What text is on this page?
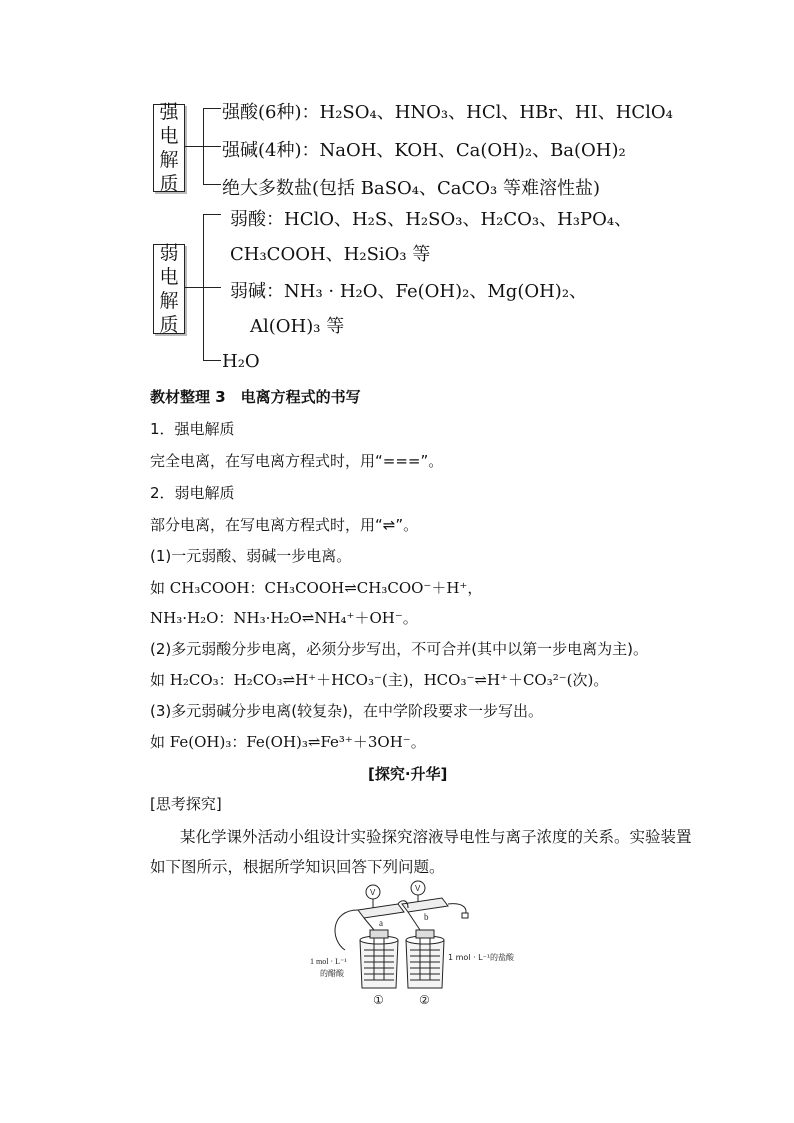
强
电
解
质
强酸(6种)：H₂SO₄、HNO₃、HCl、HBr、HI、HClO₄
强碱(4种)：NaOH、KOH、Ca(OH)₂、Ba(OH)₂
绝大多数盐(包括 BaSO₄、CaCO₃ 等难溶性盐)
弱
电
解
质
弱酸：HClO、H₂S、H₂SO₃、H₂CO₃、H₃PO₄、
CH₃COOH、H₂SiO₃ 等
弱碱：NH₃ · H₂O、Fe(OH)₂、Mg(OH)₂、
Al(OH)₃ 等
H₂O
教材整理 3　电离方程式的书写
1．强电解质
完全电离，在写电离方程式时，用“===”。
2．弱电解质
部分电离，在写电离方程式时，用“⇌”。
(1)一元弱酸、弱碱一步电离。
如 CH₃COOH：CH₃COOH⇌CH₃COO⁻＋H⁺，
NH₃·H₂O：NH₃·H₂O⇌NH₄⁺＋OH⁻。
(2)多元弱酸分步电离，必须分步写出，不可合并(其中以第一步电离为主)。
如 H₂CO₃：H₂CO₃⇌H⁺＋HCO₃⁻(主)，HCO₃⁻⇌H⁺＋CO₃²⁻(次)。
(3)多元弱碱分步电离(较复杂)，在中学阶段要求一步写出。
如 Fe(OH)₃：Fe(OH)₃⇌Fe³⁺＋3OH⁻。
[探究·升华]
[思考探究]
某化学课外活动小组设计实验探究溶液导电性与离子浓度的关系。实验装置
如下图所示，根据所学知识回答下列问题。
V	V
a
b
1 mol · L⁻¹
的醋酸
1 mol · L⁻¹的盐酸
①	②
